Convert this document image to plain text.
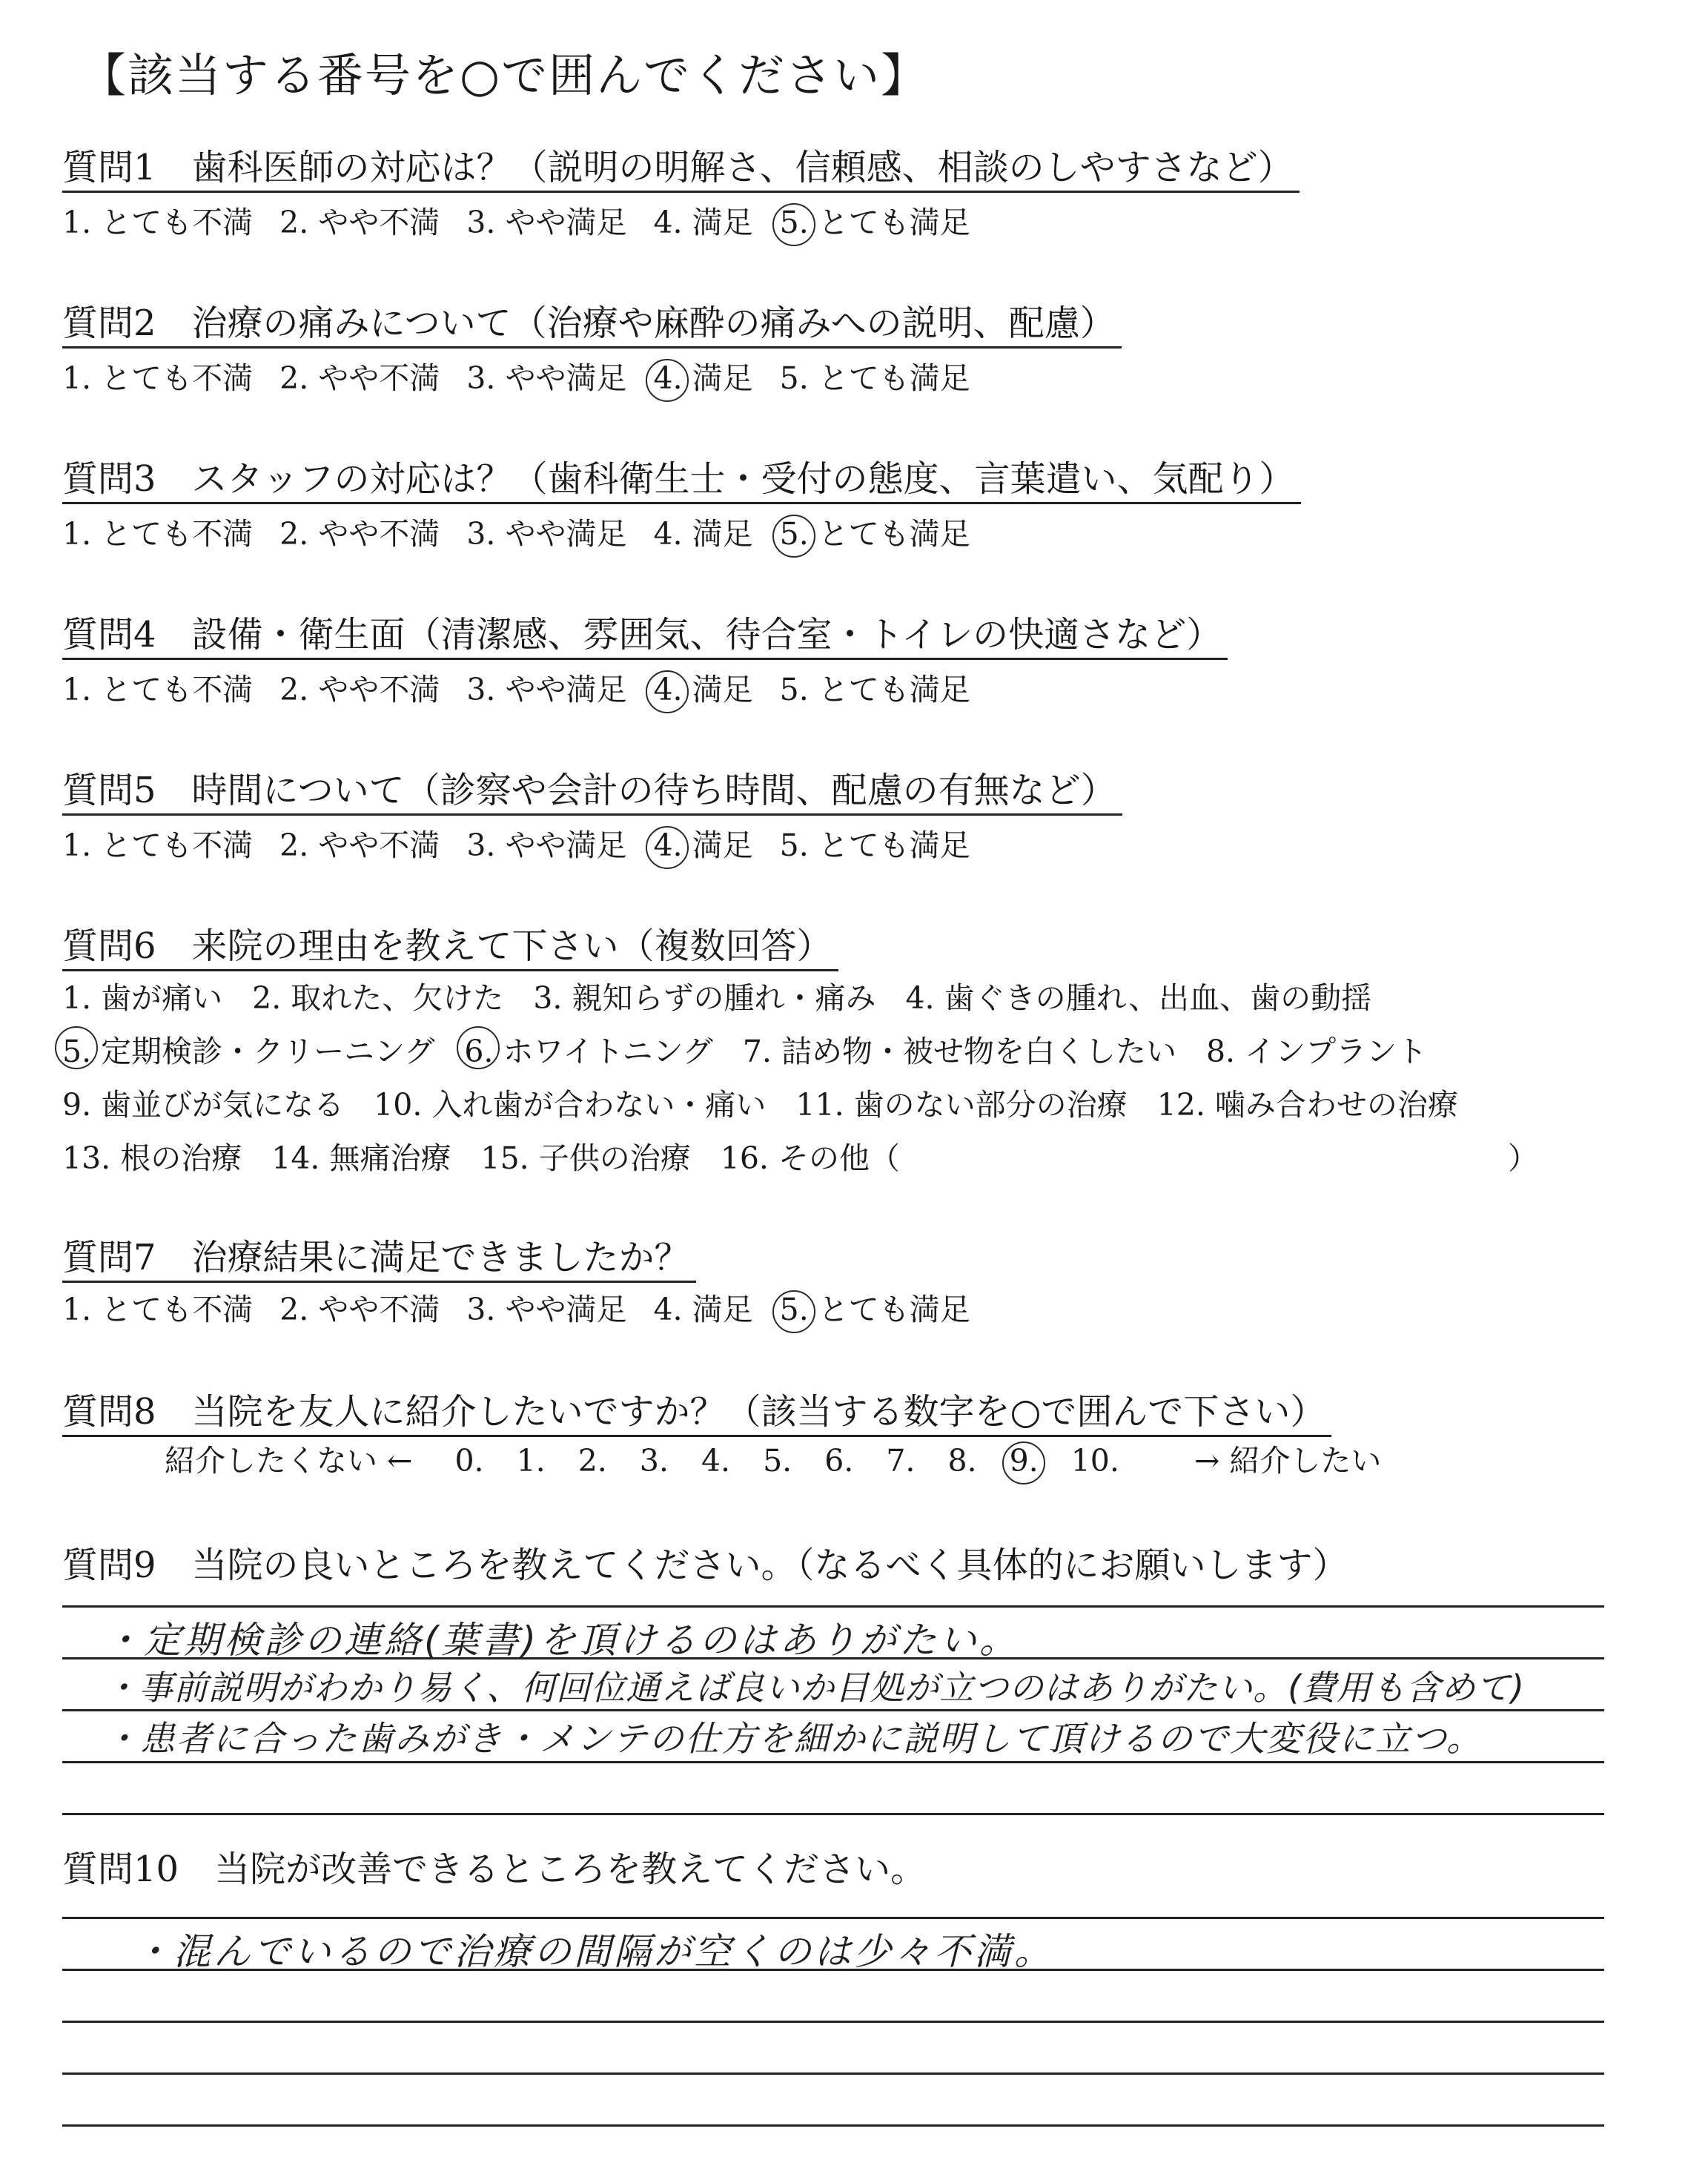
【該当する番号を○で囲んでください】
質問1　歯科医師の対応は？（説明の明解さ、信頼感、相談のしやすさなど）
1. とても不満 2. やや不満 3. やや満足 4. 満足 5. とても満足
質問2　治療の痛みについて（治療や麻酔の痛みへの説明、配慮）
1. とても不満 2. やや不満 3. やや満足 4. 満足 5. とても満足
質問3　スタッフの対応は？（歯科衛生士・受付の態度、言葉遣い、気配り）
1. とても不満 2. やや不満 3. やや満足 4. 満足 5. とても満足
質問4　設備・衛生面（清潔感、雰囲気、待合室・トイレの快適さなど）
1. とても不満 2. やや不満 3. やや満足 4. 満足 5. とても満足
質問5　時間について（診察や会計の待ち時間、配慮の有無など）
1. とても不満 2. やや不満 3. やや満足 4. 満足 5. とても満足
質問6　来院の理由を教えて下さい（複数回答）
1. 歯が痛い 2. 取れた、欠けた 3. 親知らずの腫れ・痛み 4. 歯ぐきの腫れ、出血、歯の動揺
5. 定期検診・クリーニング 6. ホワイトニング 7. 詰め物・被せ物を白くしたい 8. インプラント
9. 歯並びが気になる 10. 入れ歯が合わない・痛い 11. 歯のない部分の治療 12. 噛み合わせの治療
13. 根の治療 14. 無痛治療 15. 子供の治療 16. その他（	）
質問7　治療結果に満足できましたか？
1. とても不満 2. やや不満 3. やや満足 4. 満足 5. とても満足
質問8　当院を友人に紹介したいですか？（該当する数字を○で囲んで下さい）
紹介したくない ← 0. 1. 2. 3. 4. 5. 6. 7. 8. 9. 10. → 紹介したい
質問9　当院の良いところを教えてください。（なるべく具体的にお願いします）
・定期検診の連絡(葉書)を頂けるのはありがたい。
・事前説明がわかり易く、何回位通えば良いか目処が立つのはありがたい。(費用も含めて)
・患者に合った歯みがき・メンテの仕方を細かに説明して頂けるので大変役に立つ。
質問10　当院が改善できるところを教えてください。
・混んでいるので治療の間隔が空くのは少々不満。
